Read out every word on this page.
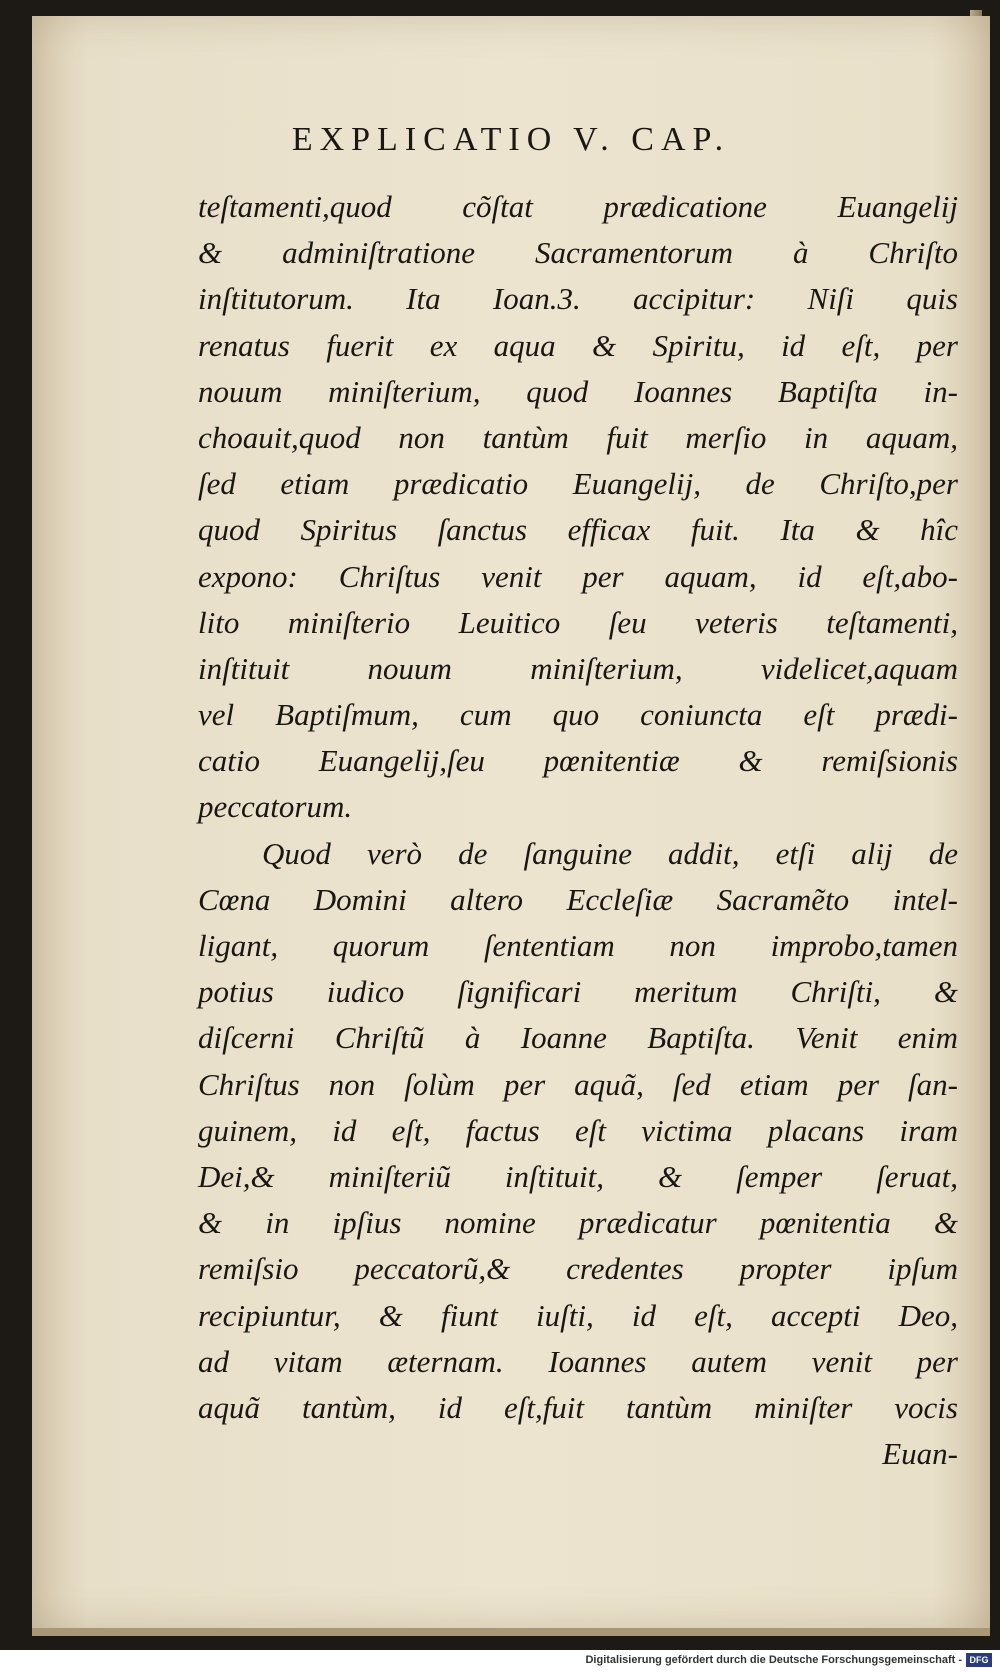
EXPLICATIO V. CAP.
teſtamenti,quod cõſtat prædicatione Euangelij
& adminiſtratione Sacramentorum à Chriſto
inſtitutorum. Ita Ioan.3. accipitur: Niſi quis
renatus fuerit ex aqua & Spiritu, id eſt, per
nouum miniſterium, quod Ioannes Baptiſta in-
choauit,quod non tantùm fuit merſio in aquam,
ſed etiam prædicatio Euangelij, de Chriſto,per
quod Spiritus ſanctus efficax fuit. Ita & hîc
expono: Chriſtus venit per aquam, id eſt,abo-
lito miniſterio Leuitico ſeu veteris teſtamenti,
inſtituit nouum miniſterium, videlicet,aquam
vel Baptiſmum, cum quo coniuncta eſt prædi-
catio Euangelij,ſeu pœnitentiæ & remiſsionis
peccatorum.
Quod verò de ſanguine addit, etſi alij de
Cœna Domini altero Eccleſiæ Sacramẽto intel-
ligant, quorum ſententiam non improbo,tamen
potius iudico ſignificari meritum Chriſti, &
diſcerni Chriſtũ à Ioanne Baptiſta. Venit enim
Chriſtus non ſolùm per aquã, ſed etiam per ſan-
guinem, id eſt, factus eſt victima placans iram
Dei,& miniſteriũ inſtituit, & ſemper ſeruat,
& in ipſius nomine prædicatur pœnitentia &
remiſsio peccatorũ,& credentes propter ipſum
recipiuntur, & fiunt iuſti, id eſt, accepti Deo,
ad vitam æternam. Ioannes autem venit per
aquã tantùm, id eſt,fuit tantùm miniſter vocis
Euan-
Digitalisierung gefördert durch die Deutsche Forschungsgemeinschaft - DFG
